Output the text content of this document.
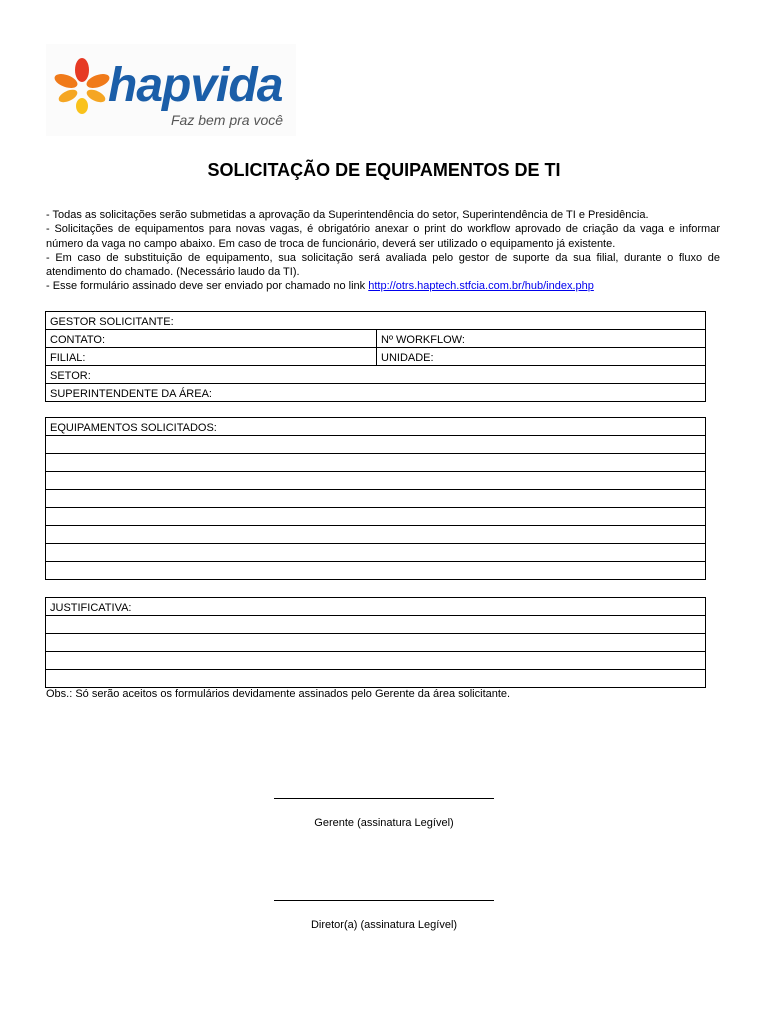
hapvida
Faz bem pra você
SOLICITAÇÃO DE EQUIPAMENTOS DE TI

- Todas as solicitações serão submetidas a aprovação da Superintendência do setor, Superintendência de TI e Presidência.

- Solicitações de equipamentos para novas vagas, é obrigatório anexar o print do workflow aprovado de criação da vaga e informar número da vaga no campo abaixo. Em caso de troca de funcionário, deverá ser utilizado o equipamento já existente.

- Em caso de substituição de equipamento, sua solicitação será avaliada pelo gestor de suporte da sua filial, durante o fluxo de atendimento do chamado. (Necessário laudo da TI).

- Esse formulário assinado deve ser enviado por chamado no link http://otrs.haptech.stfcia.com.br/hub/index.php

GESTOR SOLICITANTE:	
CONTATO:	Nº WORKFLOW:
FILIAL:	UNIDADE:
SETOR:	
SUPERINTENDENTE DA ÁREA:	
EQUIPAMENTOS SOLICITADOS:

JUSTIFICATIVA:

Obs.: Só serão aceitos os formulários devidamente assinados pelo Gerente da área solicitante.
Gerente (assinatura Legível)
Diretor(a) (assinatura Legível)
